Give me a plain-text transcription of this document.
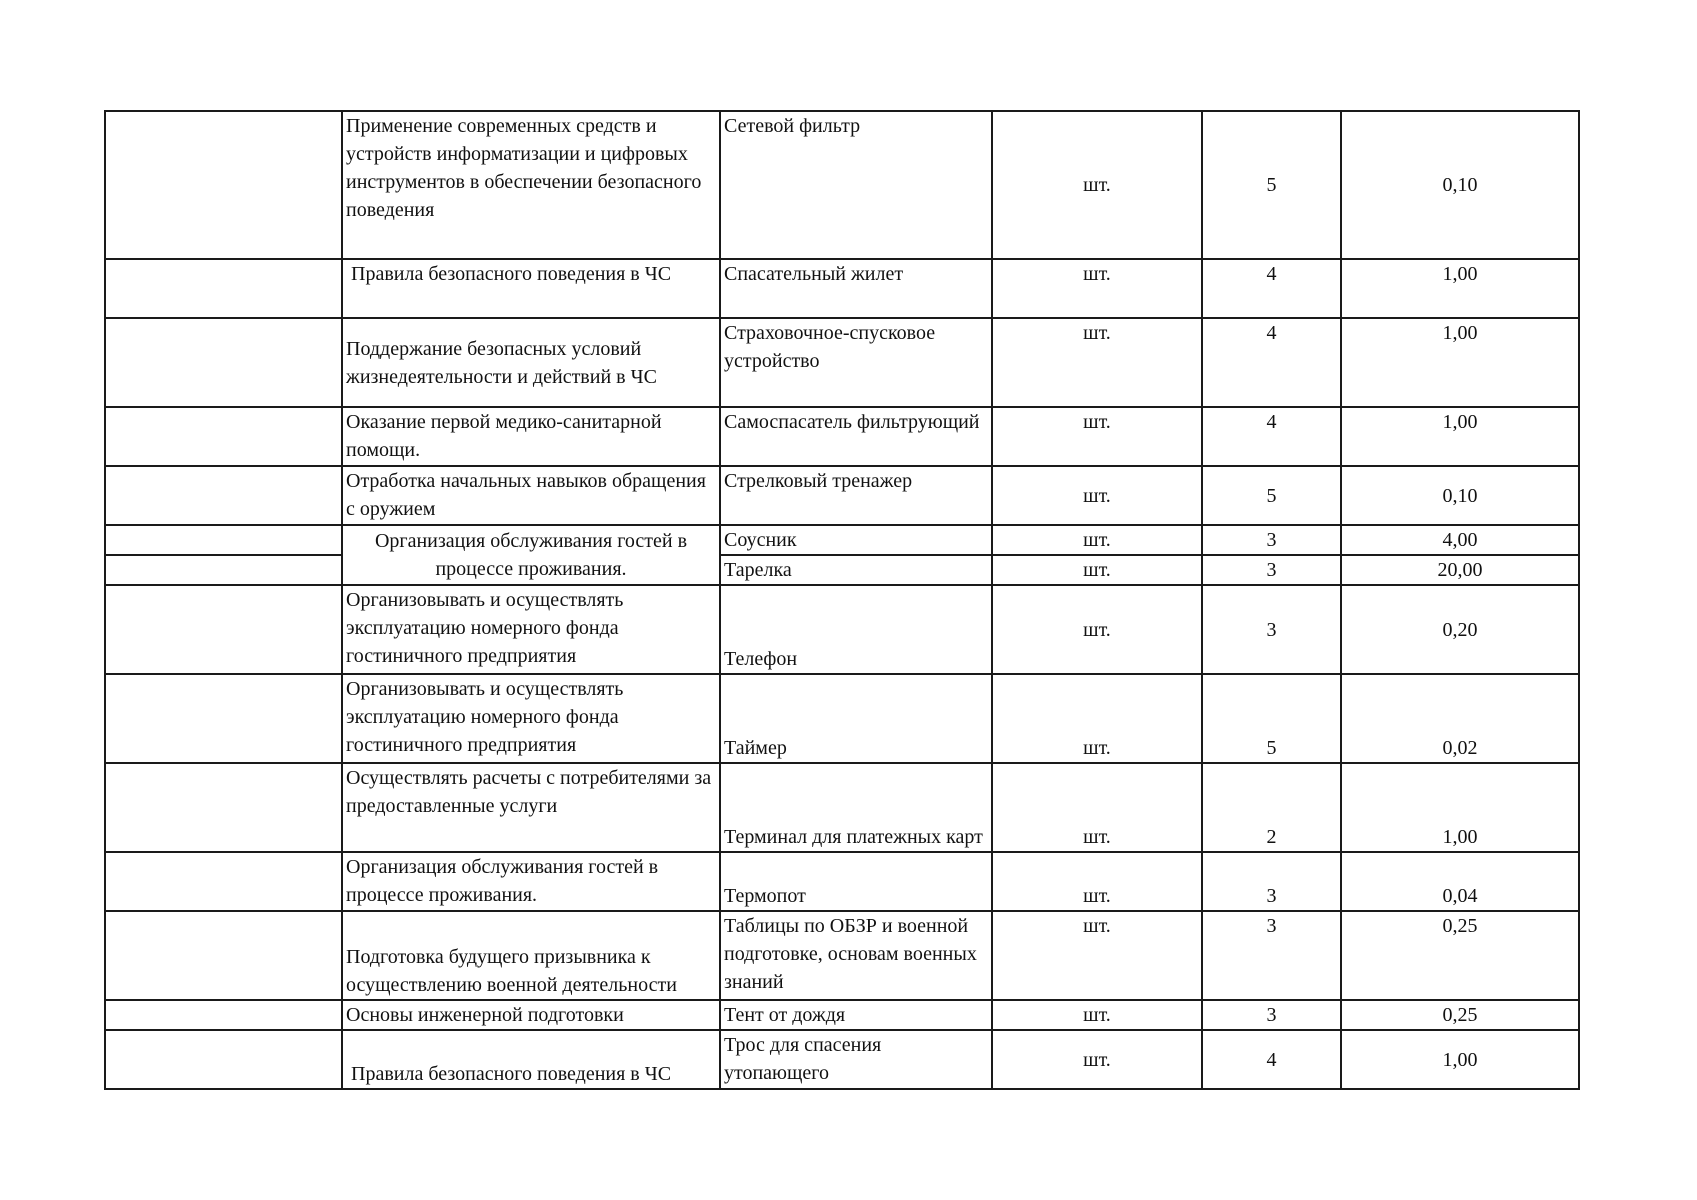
	Применение современных средств и устройств информатизации и цифровых инструментов в обеспечении безопасного поведения	Сетевой фильтр	шт.	5	0,10
	Правила безопасного поведения в ЧС	Спасательный жилет	шт.	4	1,00
	Поддержание безопасных условий жизнедеятельности и действий в ЧС	Страховочное-спусковое устройство	шт.	4	1,00
	Оказание первой медико-санитарной помощи.	Самоспасатель фильтрующий	шт.	4	1,00
	Отработка начальных навыков обращения с оружием	Стрелковый тренажер	шт.	5	0,10
	Организация обслуживания гостей в процессе проживания.	Соусник	шт.	3	4,00
		Тарелка	шт.	3	20,00
	Организовывать и осуществлять эксплуатацию номерного фонда гостиничного предприятия	Телефон	шт.	3	0,20
	Организовывать и осуществлять эксплуатацию номерного фонда гостиничного предприятия	Таймер	шт.	5	0,02
	Осуществлять расчеты с потребителями за предоставленные услуги	Терминал для платежных карт	шт.	2	1,00
	Организация обслуживания гостей в процессе проживания.	Термопот	шт.	3	0,04
	Подготовка будущего призывника к осуществлению военной деятельности	Таблицы по ОБЗР и военной подготовке, основам военных знаний	шт.	3	0,25
	Основы инженерной подготовки	Тент от дождя	шт.	3	0,25
	Правила безопасного поведения в ЧС	Трос для спасения утопающего	шт.	4	1,00
